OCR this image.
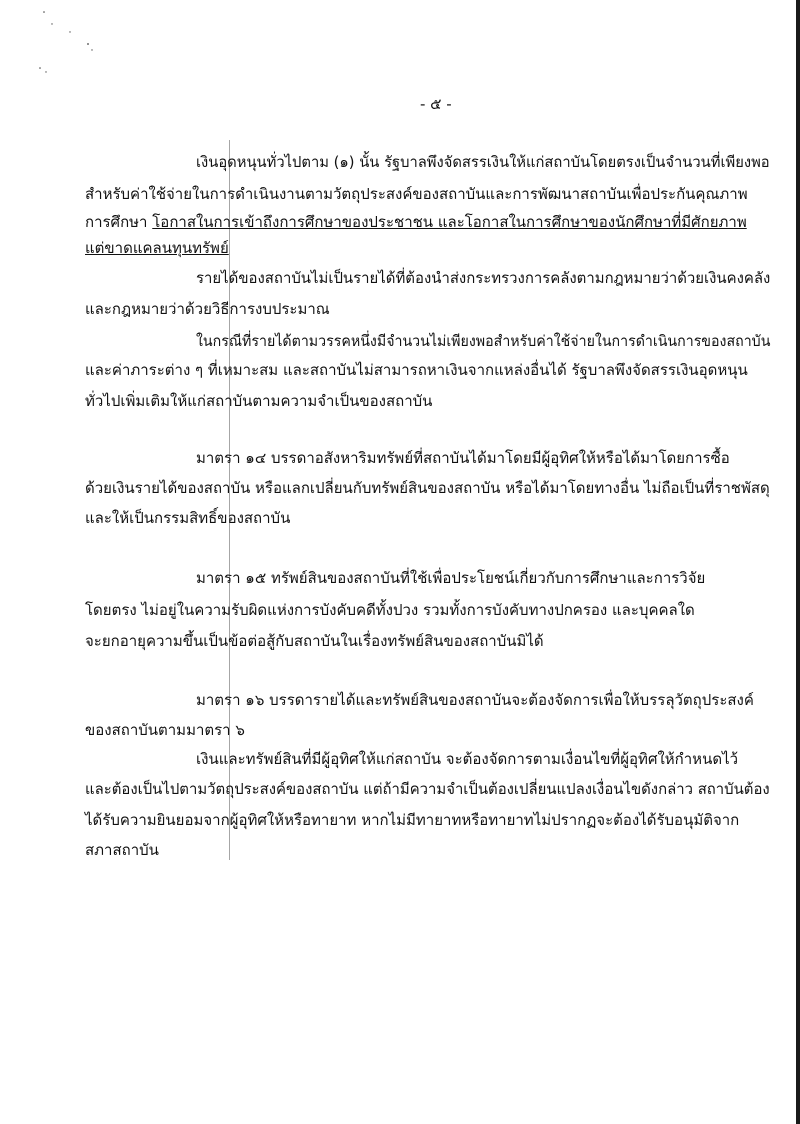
- ๕ -
เงินอุดหนุนทั่วไปตาม (๑) นั้น รัฐบาลพึงจัดสรรเงินให้แก่สถาบันโดยตรงเป็นจำนวนที่เพียงพอ
สำหรับค่าใช้จ่ายในการดำเนินงานตามวัตถุประสงค์ของสถาบันและการพัฒนาสถาบันเพื่อประกันคุณภาพ
การศึกษา โอกาสในการเข้าถึงการศึกษาของประชาชน และโอกาสในการศึกษาของนักศึกษาที่มีศักยภาพ
แต่ขาดแคลนทุนทรัพย์
รายได้ของสถาบันไม่เป็นรายได้ที่ต้องนำส่งกระทรวงการคลังตามกฎหมายว่าด้วยเงินคงคลัง
และกฎหมายว่าด้วยวิธีการงบประมาณ
ในกรณีที่รายได้ตามวรรคหนึ่งมีจำนวนไม่เพียงพอสำหรับค่าใช้จ่ายในการดำเนินการของสถาบัน
และค่าภาระต่าง ๆ ที่เหมาะสม และสถาบันไม่สามารถหาเงินจากแหล่งอื่นได้ รัฐบาลพึงจัดสรรเงินอุดหนุน
ทั่วไปเพิ่มเติมให้แก่สถาบันตามความจำเป็นของสถาบัน
มาตรา ๑๔ บรรดาอสังหาริมทรัพย์ที่สถาบันได้มาโดยมีผู้อุทิศให้หรือได้มาโดยการซื้อ
ด้วยเงินรายได้ของสถาบัน หรือแลกเปลี่ยนกับทรัพย์สินของสถาบัน หรือได้มาโดยทางอื่น ไม่ถือเป็นที่ราชพัสดุ
และให้เป็นกรรมสิทธิ์ของสถาบัน
มาตรา ๑๕ ทรัพย์สินของสถาบันที่ใช้เพื่อประโยชน์เกี่ยวกับการศึกษาและการวิจัย
โดยตรง ไม่อยู่ในความรับผิดแห่งการบังคับคดีทั้งปวง รวมทั้งการบังคับทางปกครอง และบุคคลใด
จะยกอายุความขึ้นเป็นข้อต่อสู้กับสถาบันในเรื่องทรัพย์สินของสถาบันมิได้
มาตรา ๑๖ บรรดารายได้และทรัพย์สินของสถาบันจะต้องจัดการเพื่อให้บรรลุวัตถุประสงค์
ของสถาบันตามมาตรา ๖
เงินและทรัพย์สินที่มีผู้อุทิศให้แก่สถาบัน จะต้องจัดการตามเงื่อนไขที่ผู้อุทิศให้กำหนดไว้
และต้องเป็นไปตามวัตถุประสงค์ของสถาบัน แต่ถ้ามีความจำเป็นต้องเปลี่ยนแปลงเงื่อนไขดังกล่าว สถาบันต้อง
ได้รับความยินยอมจากผู้อุทิศให้หรือทายาท หากไม่มีทายาทหรือทายาทไม่ปรากฏจะต้องได้รับอนุมัติจาก
สภาสถาบัน
